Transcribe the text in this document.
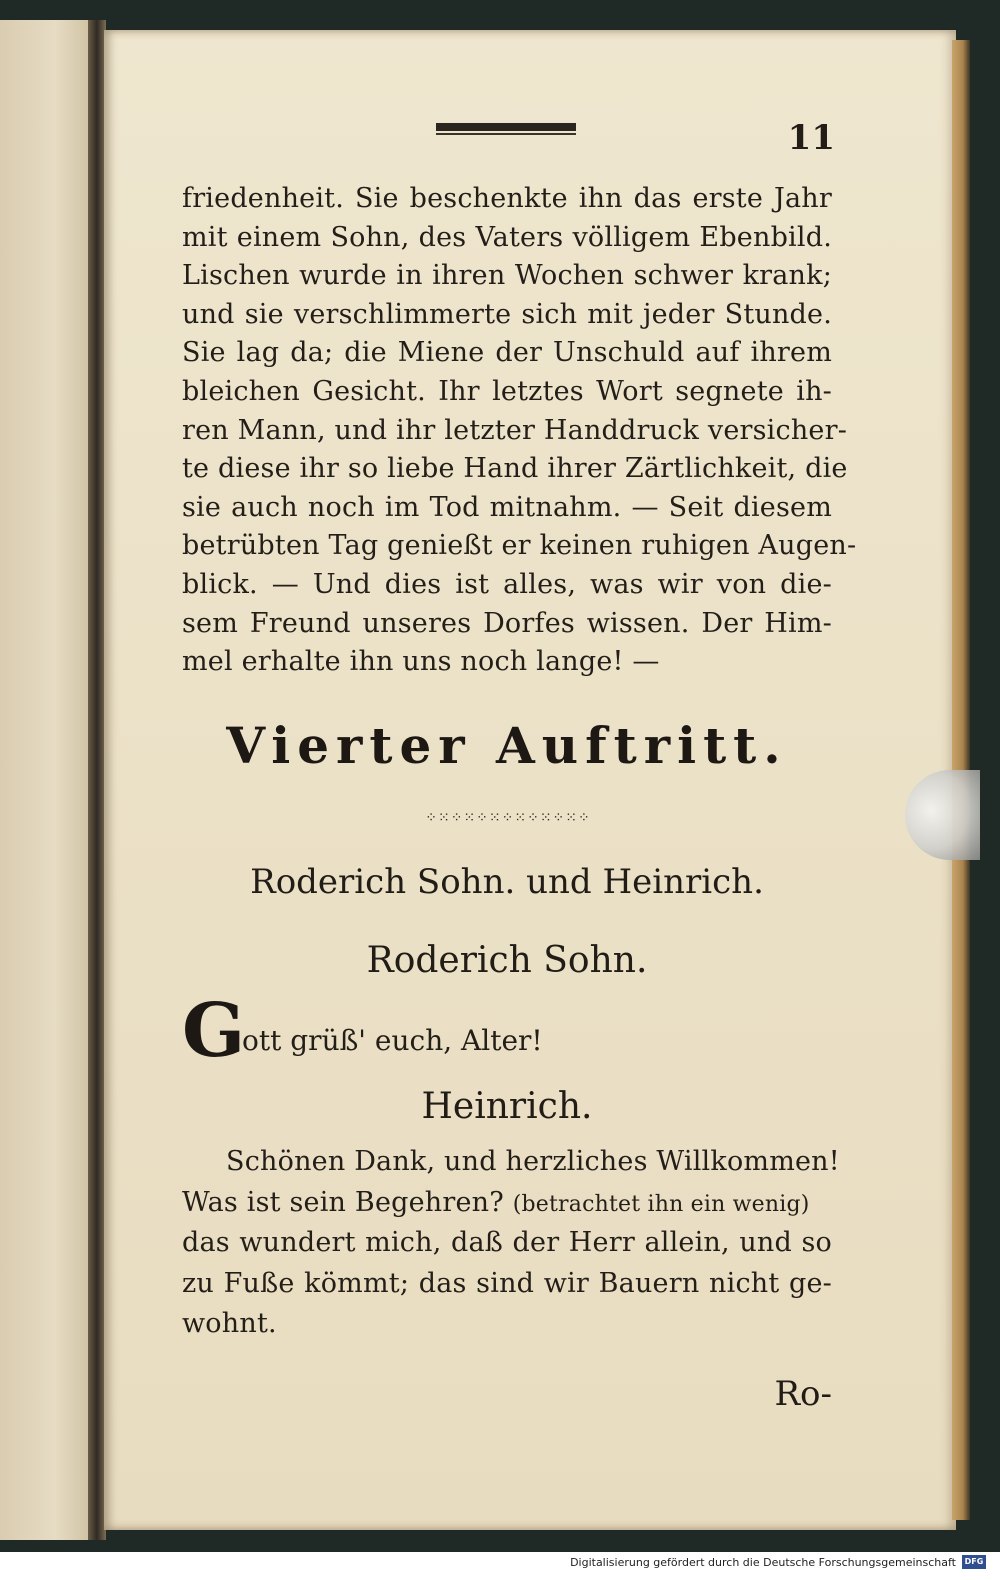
11
friedenheit. Sie beschenkte ihn das erste Jahr
mit einem Sohn, des Vaters völligem Ebenbild.
Lischen wurde in ihren Wochen schwer krank;
und sie verschlimmerte sich mit jeder Stunde.
Sie lag da; die Miene der Unschuld auf ihrem
bleichen Gesicht. Ihr letztes Wort segnete ih-
ren Mann, und ihr letzter Handdruck versicher-
te diese ihr so liebe Hand ihrer Zärtlichkeit, die
sie auch noch im Tod mitnahm. — Seit diesem
betrübten Tag genießt er keinen ruhigen Augen-
blick. — Und dies ist alles, was wir von die-
sem Freund unseres Dorfes wissen. Der Him-
mel erhalte ihn uns noch lange! —
Vierter Auftritt.
⁘⁙⁘⁙⁘⁙⁘⁙⁘⁙⁘⁙⁘
Roderich Sohn. und Heinrich.
Roderich Sohn.
G
ott grüß' euch, Alter!
Heinrich.
Schönen Dank, und herzliches Willkommen!
Was ist sein Begehren? (betrachtet ihn ein wenig)
das wundert mich, daß der Herr allein, und so
zu Fuße kömmt; das sind wir Bauern nicht ge-
wohnt.
Ro-
Digitalisierung gefördert durch die Deutsche Forschungsgemeinschaft	DFG
